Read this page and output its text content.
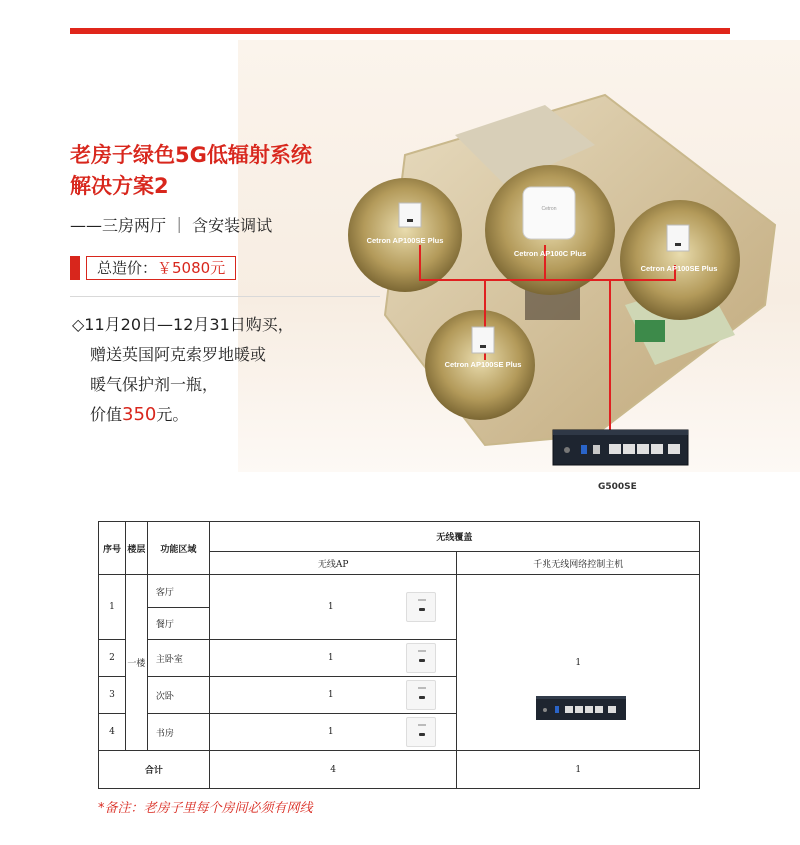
老房子绿色5G低辐射系统
解决方案2
——三房两厅 ｜ 含安装调试
总造价：￥5080元
◇11月20日—12月31日购买，
赠送英国阿克索罗地暖或
暖气保护剂一瓶，
价值350元。
Cetron AP100SE Plus
Cetron
Cetron AP100C Plus
Cetron AP100SE Plus
Cetron AP100SE Plus
G500SE
序号	楼层	功能区域	无线覆盖	
			无线AP	千兆无线网络控制主机
1	一楼	客厅	1	1

		餐厅		
2		主卧室	1	

3		次卧	1	

4		书房	1	

合计			4	1
*备注：老房子里每个房间必须有网线
